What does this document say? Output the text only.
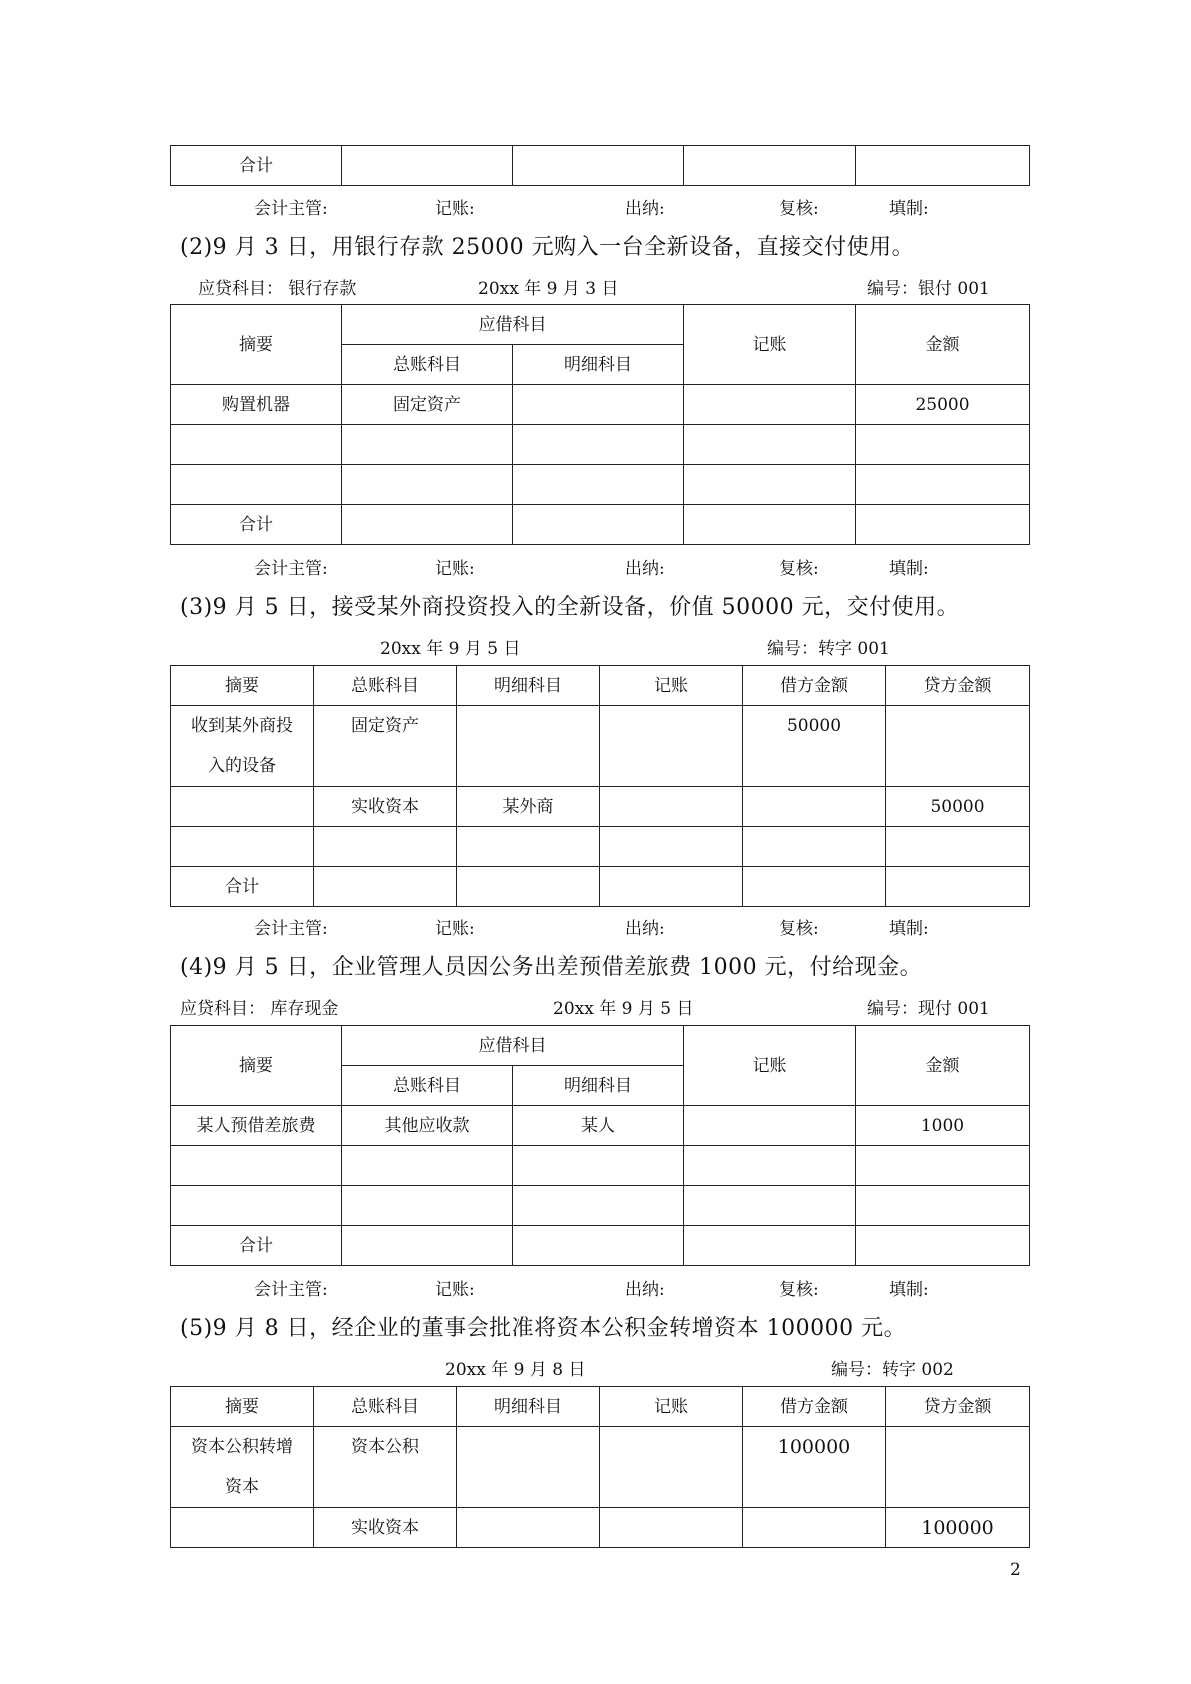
合计				
会计主管:	记账:	出纳:	复核:	填制:
(2)9 月 3 日，用银行存款 25000 元购入一台全新设备，直接交付使用。
应贷科目： 银行存款	20xx 年 9 月 3 日	编号：银付 001
摘要	应借科目		记账	金额
	总账科目	明细科目		
购置机器	固定资产			25000

合计				
会计主管:	记账:	出纳:	复核:	填制:
(3)9 月 5 日，接受某外商投资投入的全新设备，价值 50000 元，交付使用。
20xx 年 9 月 5 日	编号：转字 001
摘要	总账科目	明细科目	记账	借方金额	贷方金额
收到某外商投入的设备	固定资产			50000	
	实收资本	某外商			50000

合计					
会计主管:	记账:	出纳:	复核:	填制:
(4)9 月 5 日，企业管理人员因公务出差预借差旅费 1000 元，付给现金。
应贷科目： 库存现金	20xx 年 9 月 5 日	编号：现付 001
摘要	应借科目		记账	金额
	总账科目	明细科目		
某人预借差旅费	其他应收款	某人		1000

合计				
会计主管:	记账:	出纳:	复核:	填制:
(5)9 月 8 日，经企业的董事会批准将资本公积金转增资本 100000 元。
20xx 年 9 月 8 日	编号：转字 002
摘要	总账科目	明细科目	记账	借方金额	贷方金额
资本公积转增资本	资本公积			100000	
	实收资本				100000
2
